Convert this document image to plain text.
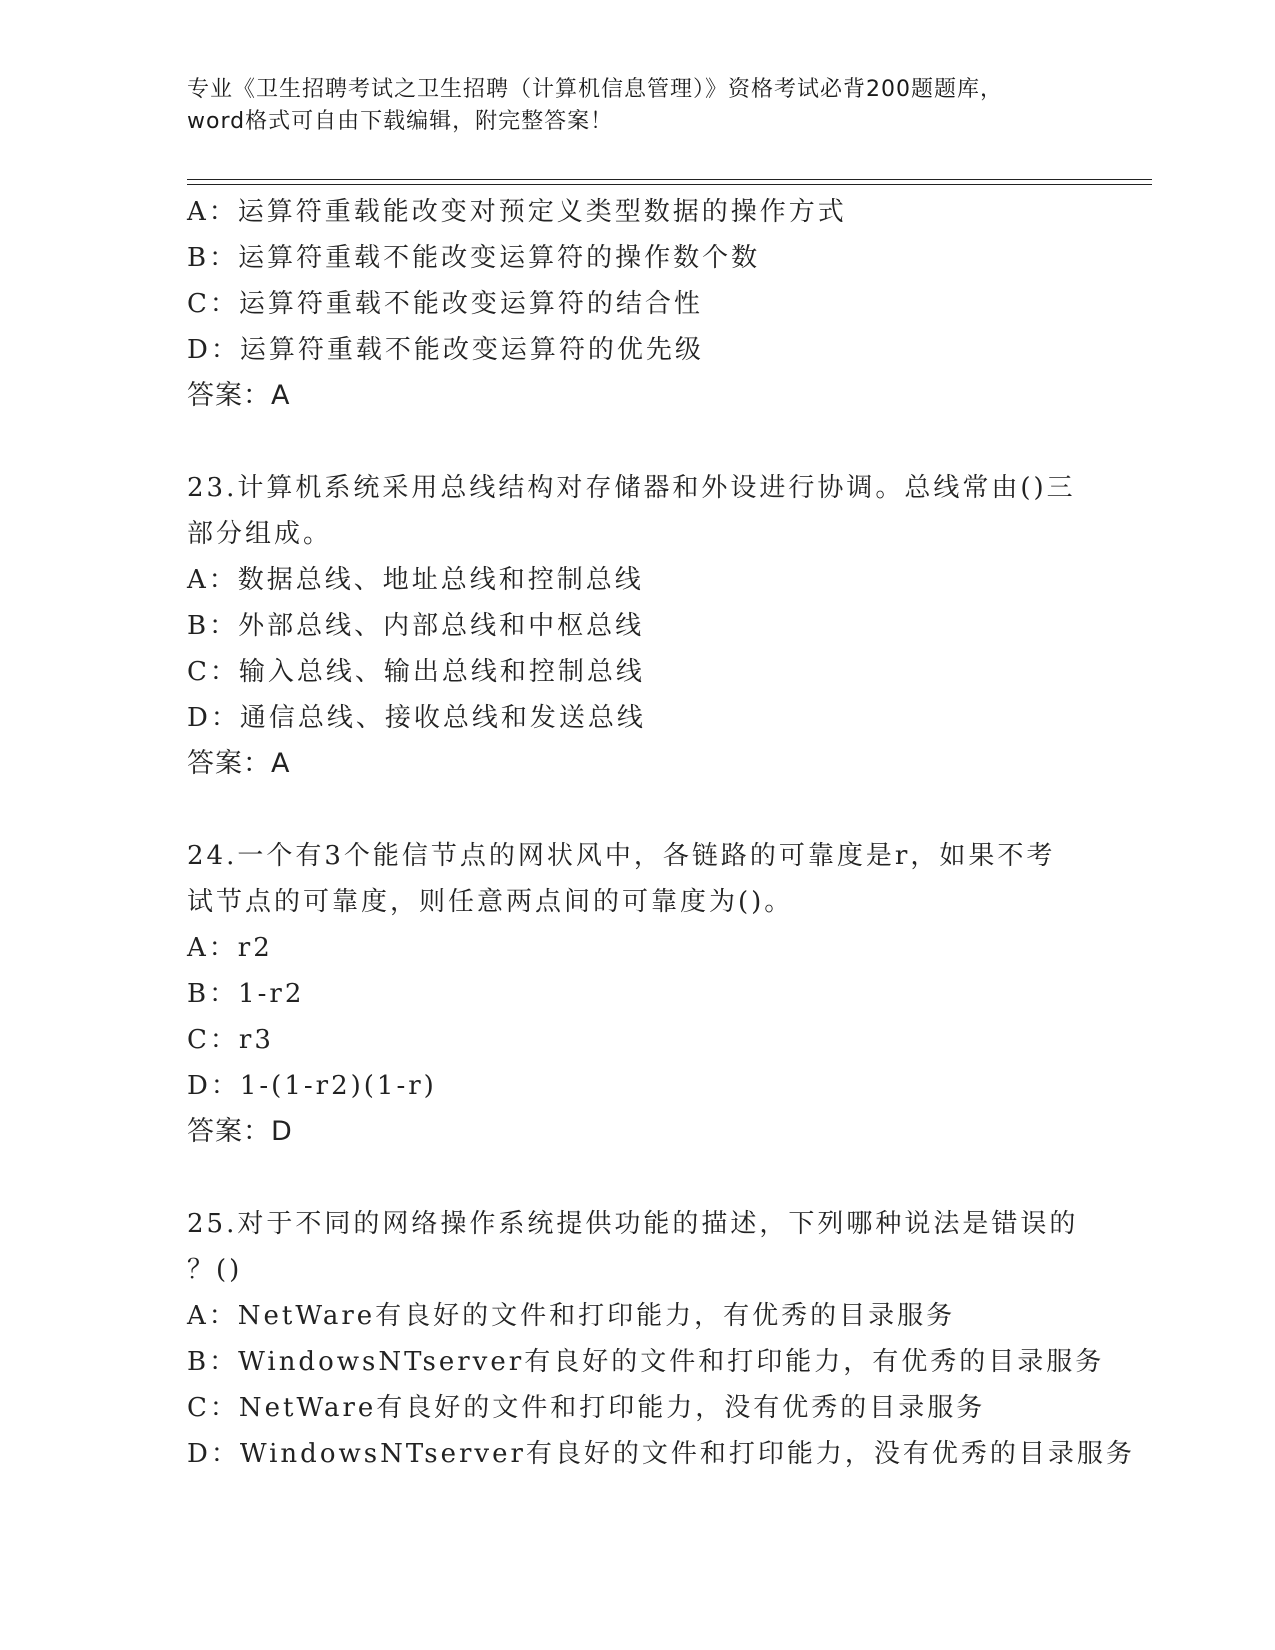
专业《卫生招聘考试之卫生招聘（计算机信息管理）》资格考试必背200题题库，
word格式可自由下载编辑，附完整答案！
A：运算符重载能改变对预定义类型数据的操作方式
B：运算符重载不能改变运算符的操作数个数
C：运算符重载不能改变运算符的结合性
D：运算符重载不能改变运算符的优先级
答案：A
23.计算机系统采用总线结构对存储器和外设进行协调。总线常由()三
部分组成。
A：数据总线、地址总线和控制总线
B：外部总线、内部总线和中枢总线
C：输入总线、输出总线和控制总线
D：通信总线、接收总线和发送总线
答案：A
24.一个有3个能信节点的网状风中，各链路的可靠度是r，如果不考
试节点的可靠度，则任意两点间的可靠度为()。
A：r2
B：1-r2
C：r3
D：1-(1-r2)(1-r)
答案：D
25.对于不同的网络操作系统提供功能的描述，下列哪种说法是错误的
？()
A：NetWare有良好的文件和打印能力，有优秀的目录服务
B：WindowsNTserver有良好的文件和打印能力，有优秀的目录服务
C：NetWare有良好的文件和打印能力，没有优秀的目录服务
D：WindowsNTserver有良好的文件和打印能力，没有优秀的目录服务
